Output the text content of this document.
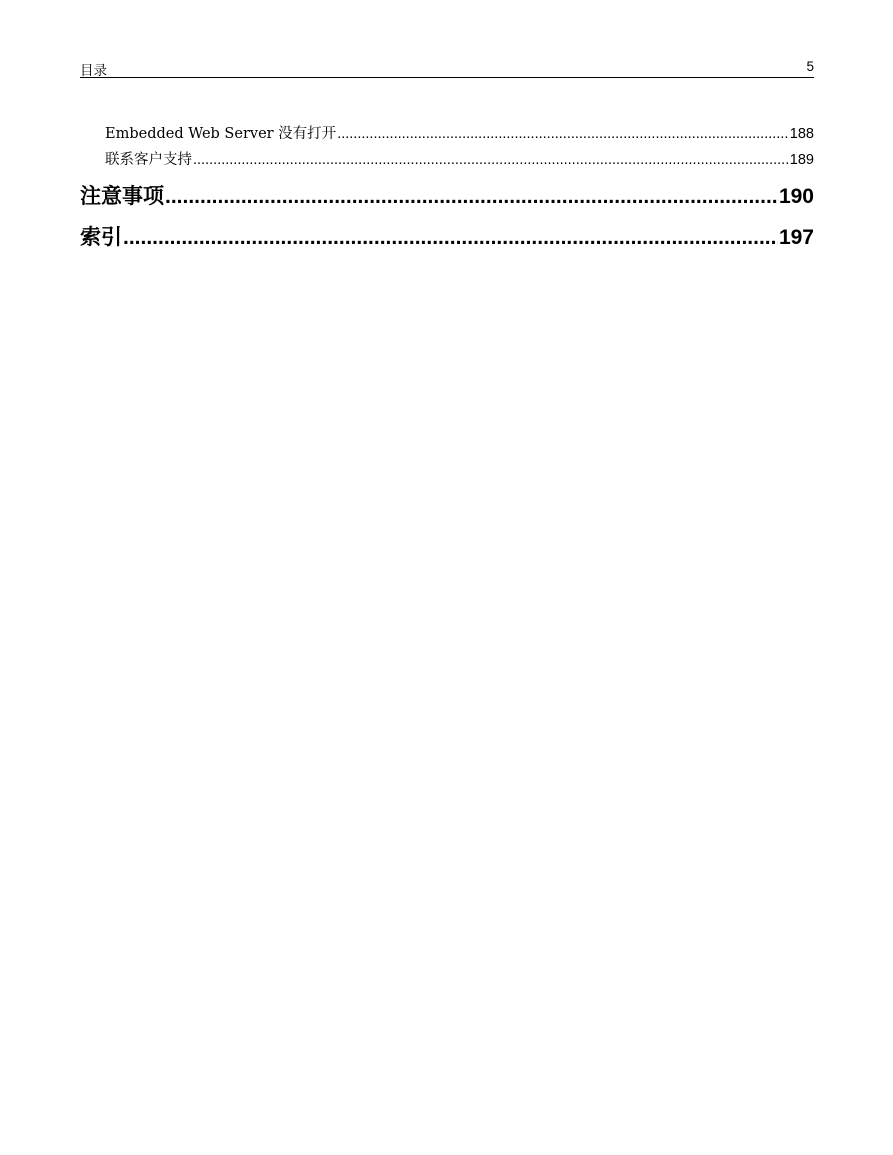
目录	5
Embedded Web Server 没有打开 .....	188
联系客户支持 .....	189
注意事项 .....	190
索引 .....	197
